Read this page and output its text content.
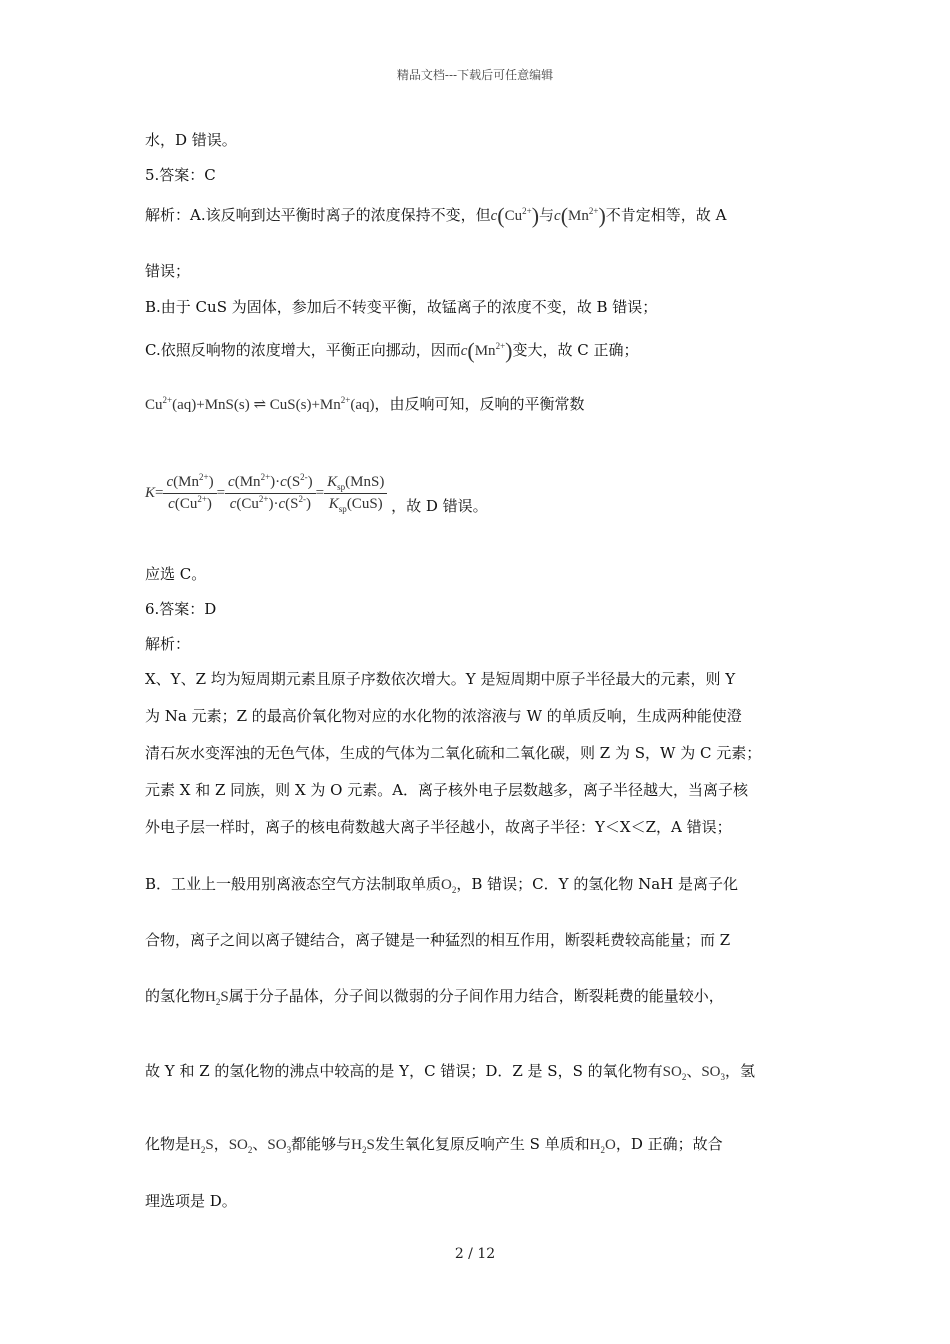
精品文档---下载后可任意编辑
水，D 错误。
5.答案：C
解析：A.该反响到达平衡时离子的浓度保持不变，但$c(Cu^{2+})$与$c(Mn^{2+})$不肯定相等，故 A
错误；
B.由于 CuS 为固体，参加后不转变平衡，故锰离子的浓度不变，故 B 错误；
C.依照反响物的浓度增大，平衡正向挪动，因而$c(Mn^{2+})$变大，故 C 正确；
$Cu^{2+}(aq)+MnS(s)$ ⇌ $CuS(s)+Mn^{2+}(aq)$，由反响可知，反响的平衡常数
$K= \frac{c(Mn^{2+})}{c(Cu^{2+})} = \frac{c(Mn^{2+})\cdot c(S^{2-})}{c(Cu^{2+})\cdot c(S^{2-})} = \frac{K_{sp}(MnS)}{K_{sp}(CuS)}$ ，故 D 错误。
应选 C。
6.答案：D
解析：
X、Y、Z 均为短周期元素且原子序数依次增大。Y 是短周期中原子半径最大的元素，则 Y
为 Na 元素；Z 的最高价氧化物对应的水化物的浓溶液与 W 的单质反响，生成两种能使澄
清石灰水变浑浊的无色气体，生成的气体为二氧化硫和二氧化碳，则 Z 为 S，W 为 C 元素；
元素 X 和 Z 同族，则 X 为 O 元素。A．离子核外电子层数越多，离子半径越大，当离子核
外电子层一样时，离子的核电荷数越大离子半径越小，故离子半径：Y＜X＜Z，A 错误；
B．工业上一般用别离液态空气方法制取单质$O_2$，B 错误；C．Y 的氢化物 NaH 是离子化
合物，离子之间以离子键结合，离子键是一种猛烈的相互作用，断裂耗费较高能量；而 Z
的氢化物$H_2S$属于分子晶体，分子间以微弱的分子间作用力结合，断裂耗费的能量较小，
故 Y 和 Z 的氢化物的沸点中较高的是 Y，C 错误；D．Z 是 S，S 的氧化物有$SO_2$、$SO_3$，氢
化物是$H_2S$，$SO_2$、$SO_3$都能够与$H_2S$发生氧化复原反响产生 S 单质和$H_2O$，D 正确；故合
理选项是 D。
2 / 12
